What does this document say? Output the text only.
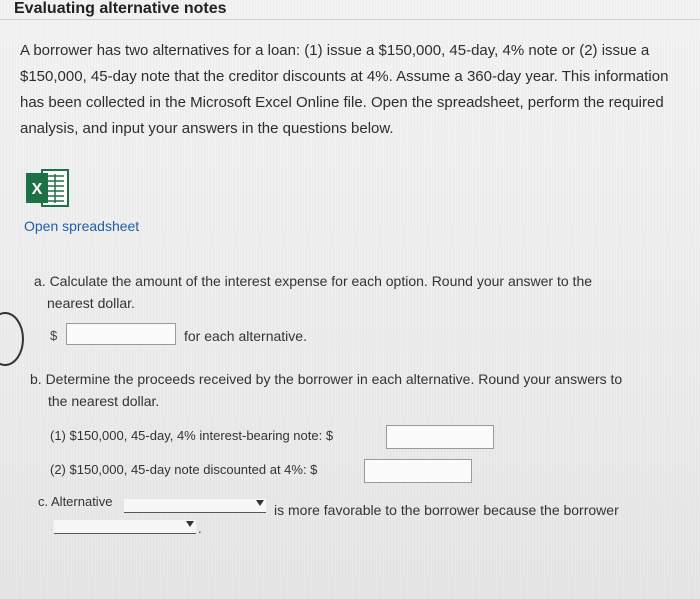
Evaluating alternative notes
A borrower has two alternatives for a loan: (1) issue a $150,000, 45-day, 4% note or (2) issue a $150,000, 45-day note that the creditor discounts at 4%. Assume a 360-day year. This information has been collected in the Microsoft Excel Online file. Open the spreadsheet, perform the required analysis, and input your answers in the questions below.
X
Open spreadsheet
a. Calculate the amount of the interest expense for each option. Round your answer to the
nearest dollar.
$	for each alternative.
b. Determine the proceeds received by the borrower in each alternative. Round your answers to
the nearest dollar.
(1) $150,000, 45-day, 4% interest-bearing note: $
(2) $150,000, 45-day note discounted at 4%: $
c. Alternative
is more favorable to the borrower because the borrower
.
